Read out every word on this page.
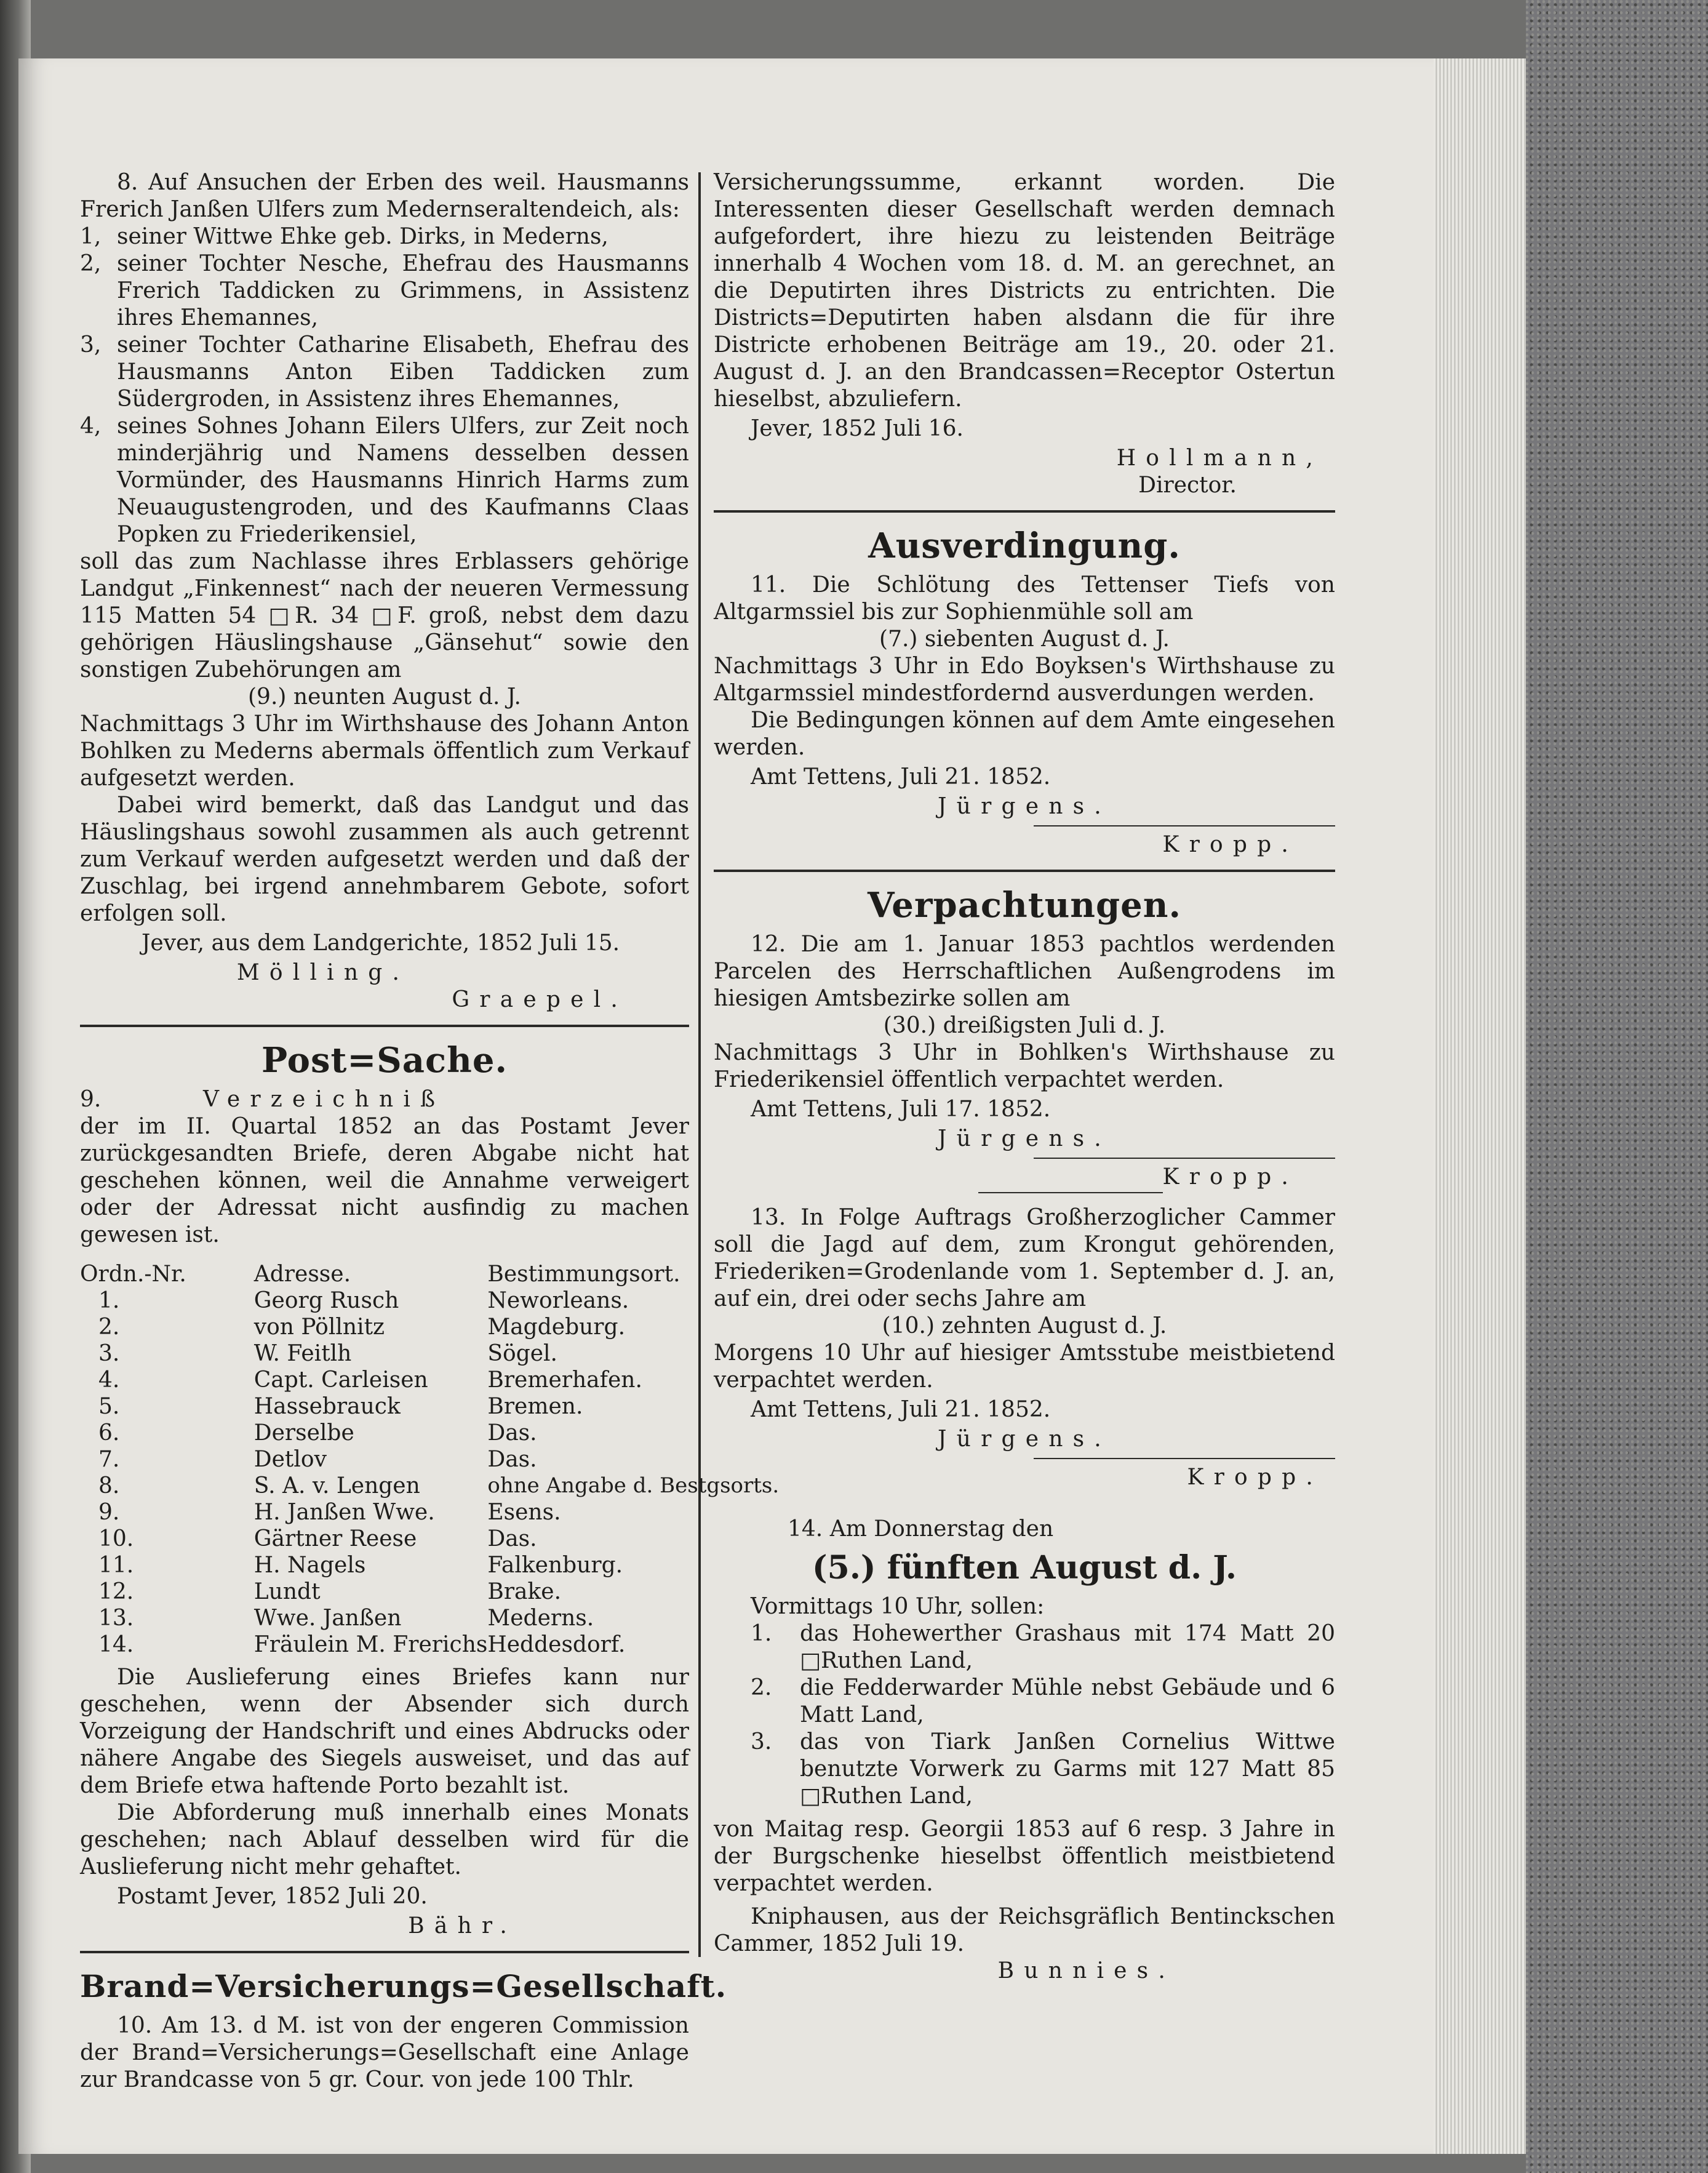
8. Auf Ansuchen der Erben des weil. Hausmanns Frerich Janßen Ulfers zum Medernseraltendeich, als:

1, seiner Wittwe Ehke geb. Dirks, in Mederns,
2, seiner Tochter Nesche, Ehefrau des Hausmanns Frerich Taddicken zu Grimmens, in Assistenz ihres Ehemannes,
3, seiner Tochter Catharine Elisabeth, Ehefrau des Hausmanns Anton Eiben Taddicken zum Südergroden, in Assistenz ihres Ehemannes,
4, seines Sohnes Johann Eilers Ulfers, zur Zeit noch minderjährig und Namens desselben dessen Vormünder, des Hausmanns Hinrich Harms zum Neuaugustengroden, und des Kaufmanns Claas Popken zu Friederikensiel,

soll das zum Nachlasse ihres Erblassers gehörige Landgut „Finkennest“ nach der neueren Vermessung 115 Matten 54 □R. 34 □F. groß, nebst dem dazu gehörigen Häuslingshause „Gänsehut“ sowie den sonstigen Zubehörungen am

(9.) neunten August d. J.

Nachmittags 3 Uhr im Wirthshause des Johann Anton Bohlken zu Mederns abermals öffentlich zum Verkauf aufgesetzt werden.

Dabei wird bemerkt, daß das Landgut und das Häuslingshaus sowohl zusammen als auch getrennt zum Verkauf werden aufgesetzt werden und daß der Zuschlag, bei irgend annehmbarem Gebote, sofort erfolgen soll.

Jever, aus dem Landgerichte, 1852 Juli 15.

Mölling.

Graepel.

Post=Sache.
9.	Verzeichniß

der im II. Quartal 1852 an das Postamt Jever zurückgesandten Briefe, deren Abgabe nicht hat geschehen können, weil die Annahme verweigert oder der Adressat nicht ausfindig zu machen gewesen ist.

Ordn.-Nr.	Adresse.	Bestimmungsort.
1.	Georg Rusch	Neworleans.
2.	von Pöllnitz	Magdeburg.
3.	W. Feitlh	Sögel.
4.	Capt. Carleisen	Bremerhafen.
5.	Hassebrauck	Bremen.
6.	Derselbe	Das.
7.	Detlov	Das.
8.	S. A. v. Lengen	ohne Angabe d. Bestgsorts.
9.	H. Janßen Wwe.	Esens.
10.	Gärtner Reese	Das.
11.	H. Nagels	Falkenburg.
12.	Lundt	Brake.
13.	Wwe. Janßen	Mederns.
14.	Fräulein M. Frerichs	Heddesdorf.

Die Auslieferung eines Briefes kann nur geschehen, wenn der Absender sich durch Vorzeigung der Handschrift und eines Abdrucks oder nähere Angabe des Siegels ausweiset, und das auf dem Briefe etwa haftende Porto bezahlt ist.

Die Abforderung muß innerhalb eines Monats geschehen; nach Ablauf desselben wird für die Auslieferung nicht mehr gehaftet.

Postamt Jever, 1852 Juli 20.

Bähr.

Brand=Versicherungs=Gesellschaft.

10. Am 13. d M. ist von der engeren Commission der Brand=Versicherungs=Gesellschaft eine Anlage zur Brandcasse von 5 gr. Cour. von jede 100 Thlr.

Versicherungssumme, erkannt worden. Die Interessenten dieser Gesellschaft werden demnach aufgefordert, ihre hiezu zu leistenden Beiträge innerhalb 4 Wochen vom 18. d. M. an gerechnet, an die Deputirten ihres Districts zu entrichten. Die Districts=Deputirten haben alsdann die für ihre Districte erhobenen Beiträge am 19., 20. oder 21. August d. J. an den Brandcassen=Receptor Ostertun hieselbst, abzuliefern.

Jever, 1852 Juli 16.

Hollmann,

Director.

Ausverdingung.

11. Die Schlötung des Tettenser Tiefs von Altgarmssiel bis zur Sophienmühle soll am

(7.) siebenten August d. J.

Nachmittags 3 Uhr in Edo Boyksen's Wirthshause zu Altgarmssiel mindestfordernd ausverdungen werden.

Die Bedingungen können auf dem Amte eingesehen werden.

Amt Tettens, Juli 21. 1852.

Jürgens.

Kropp.

Verpachtungen.

12. Die am 1. Januar 1853 pachtlos werdenden Parcelen des Herrschaftlichen Außengrodens im hiesigen Amtsbezirke sollen am

(30.) dreißigsten Juli d. J.

Nachmittags 3 Uhr in Bohlken's Wirthshause zu Friederikensiel öffentlich verpachtet werden.

Amt Tettens, Juli 17. 1852.

Jürgens.

Kropp.

13. In Folge Auftrags Großherzoglicher Cammer soll die Jagd auf dem, zum Krongut gehörenden, Friederiken=Grodenlande vom 1. September d. J. an, auf ein, drei oder sechs Jahre am

(10.) zehnten August d. J.

Morgens 10 Uhr auf hiesiger Amtsstube meistbietend verpachtet werden.

Amt Tettens, Juli 21. 1852.

Jürgens.

Kropp.

14. Am Donnerstag den

(5.) fünften August d. J.

Vormittags 10 Uhr, sollen:

1.	das Hohewerther Grashaus mit 174 Matt 20 □Ruthen Land,
2.	die Fedderwarder Mühle nebst Gebäude und 6 Matt Land,
3.	das von Tiark Janßen Cornelius Wittwe benutzte Vorwerk zu Garms mit 127 Matt 85 □Ruthen Land,

von Maitag resp. Georgii 1853 auf 6 resp. 3 Jahre in der Burgschenke hieselbst öffentlich meistbietend verpachtet werden.

Kniphausen, aus der Reichsgräflich Bentinckschen Cammer, 1852 Juli 19.

Bunnies.
